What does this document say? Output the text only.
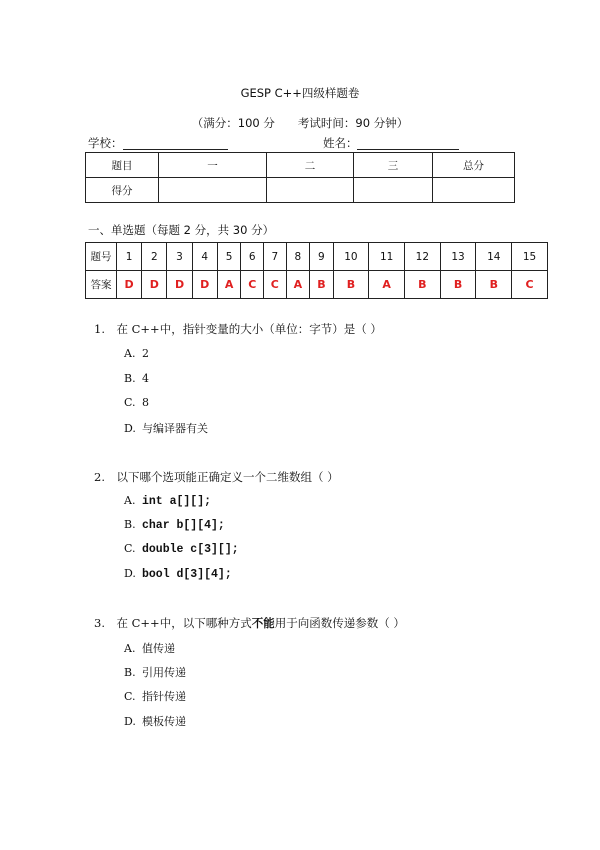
GESP C++四级样题卷
（满分：100 分　　考试时间：90 分钟）
学校：	姓名：
题目	一	二	三	总分
得分				
一、单选题（每题 2 分，共 30 分）
题号	1	2	3	4	5	6	7	8	9	10	11	12	13	14	15
答案	D	D	D	D	A	C	C	A	B	B	A	B	B	B	C
1.　在 C++中，指针变量的大小（单位：字节）是（ ）
A. 2
B. 4
C. 8
D. 与编译器有关
2.　以下哪个选项能正确定义一个二维数组（ ）
A. int a[][];
B. char b[][4];
C. double c[3][];
D. bool d[3][4];
3.　在 C++中，以下哪种方式不能用于向函数传递参数（ ）
A. 值传递
B. 引用传递
C. 指针传递
D. 模板传递
